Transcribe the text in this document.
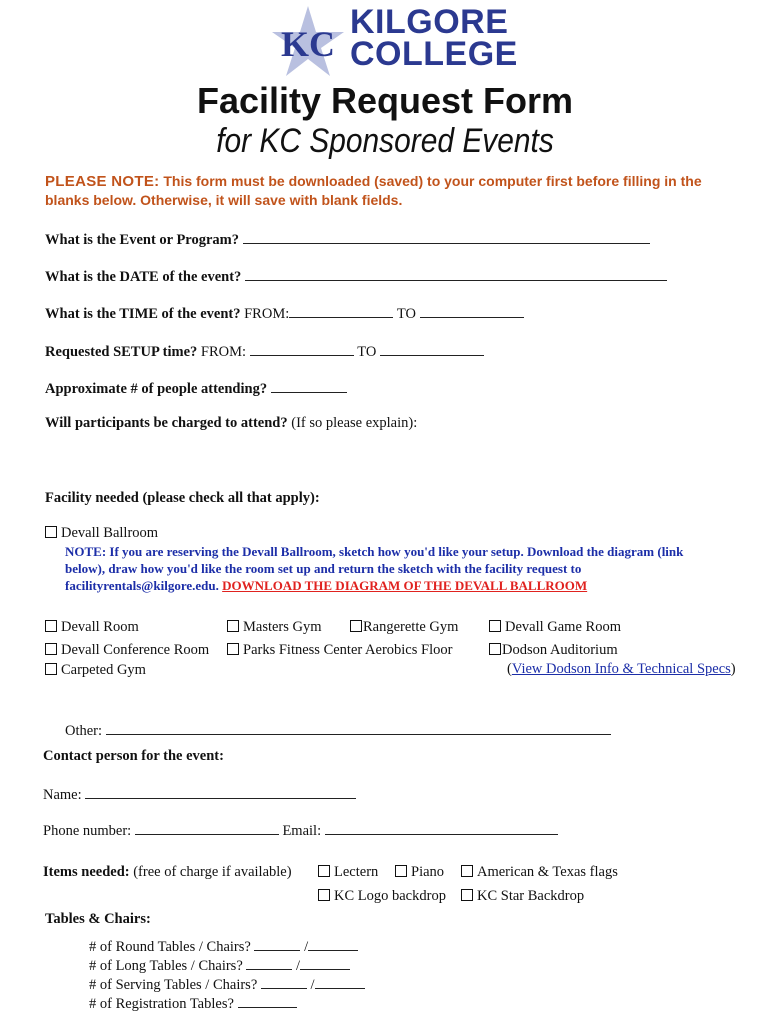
KC
KILGORE
COLLEGE
Facility Request Form
for KC Sponsored Events
PLEASE NOTE: This form must be downloaded (saved) to your computer first before filling in the blanks below. Otherwise, it will save with blank fields.
What is the Event or Program?
What is the DATE of the event?
What is the TIME of the event? FROM:	TO
Requested SETUP time? FROM:	TO
Approximate # of people attending?
Will participants be charged to attend? (If so please explain):
Facility needed (please check all that apply):
Devall Ballroom
NOTE: If you are reserving the Devall Ballroom, sketch how you'd like your setup. Download the diagram (link below), draw how you'd like the room set up and return the sketch with the facility request to facilityrentals@kilgore.edu. DOWNLOAD THE DIAGRAM OF THE DEVALL BALLROOM
Devall Room	Masters Gym	Rangerette Gym	Devall Game Room
Devall Conference Room	Parks Fitness Center Aerobics Floor	Dodson Auditorium
Carpeted Gym	(View Dodson Info & Technical Specs)
Other:
Contact person for the event:
Name:
Phone number:	Email:
Items needed: (free of charge if available)	Lectern	Piano	American & Texas flags
KC Logo backdrop	KC Star Backdrop
Tables & Chairs:
# of Round Tables / Chairs?	/
# of Long Tables / Chairs?	/
# of Serving Tables / Chairs?	/
# of Registration Tables?
